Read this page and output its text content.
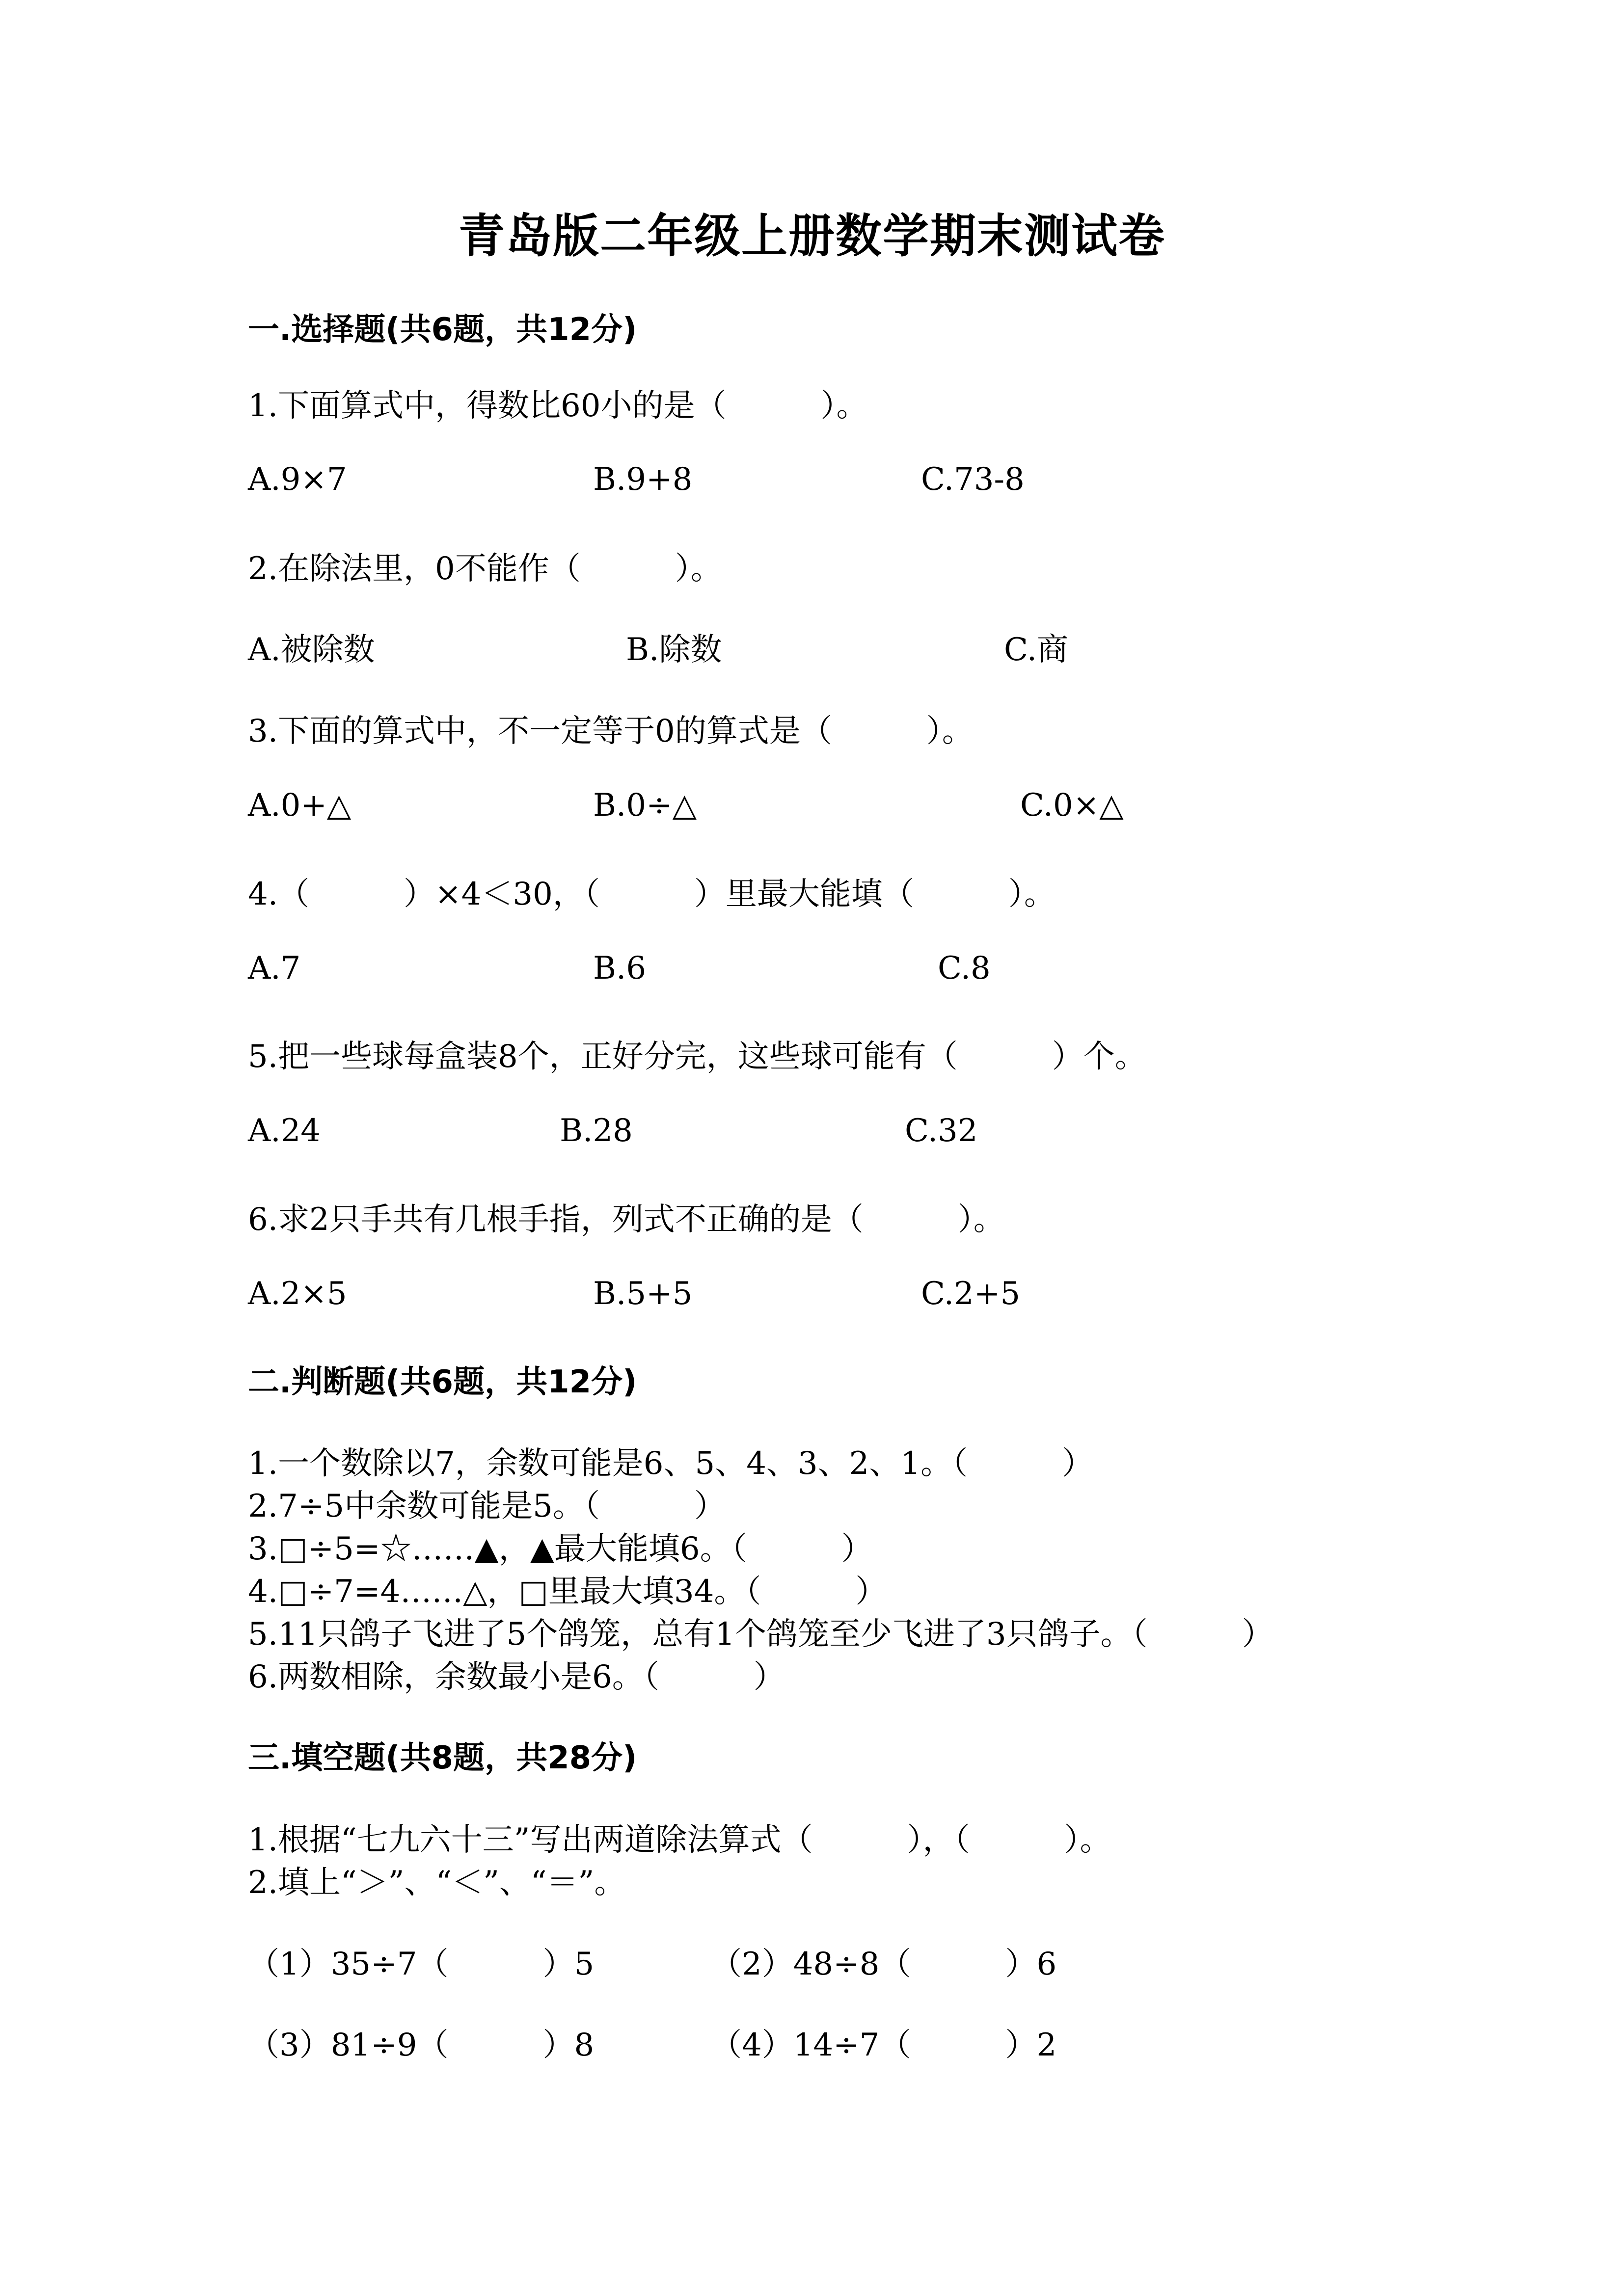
青岛版二年级上册数学期末测试卷
一.选择题(共6题，共12分)
1.下面算式中，得数比60小的是（　　　）。
A.9×7	B.9+8	C.73-8
2.在除法里，0不能作（　　　）。
A.被除数	B.除数	C.商
3.下面的算式中，不一定等于0的算式是（　　　）。
A.0+△	B.0÷△	C.0×△
4.（　　　）×4＜30，（　　　）里最大能填（　　　）。
A.7	B.6	C.8
5.把一些球每盒装8个，正好分完，这些球可能有（　　　）个。
A.24	B.28	C.32
6.求2只手共有几根手指，列式不正确的是（　　　）。
A.2×5	B.5+5	C.2+5
二.判断题(共6题，共12分)
1.一个数除以7，余数可能是6、5、4、3、2、1。（　　　）
2.7÷5中余数可能是5。（　　　）
3.□÷5=☆……▲，▲最大能填6。（　　　）
4.□÷7=4……△，□里最大填34。（　　　）
5.11只鸽子飞进了5个鸽笼，总有1个鸽笼至少飞进了3只鸽子。（　　　）
6.两数相除，余数最小是6。（　　　）
三.填空题(共8题，共28分)
1.根据“七九六十三”写出两道除法算式（　　　），（　　　）。
2.填上“＞”、“＜”、“＝”。
（1）35÷7（　　　）5	（2）48÷8（　　　）6
（3）81÷9（　　　）8	（4）14÷7（　　　）2
